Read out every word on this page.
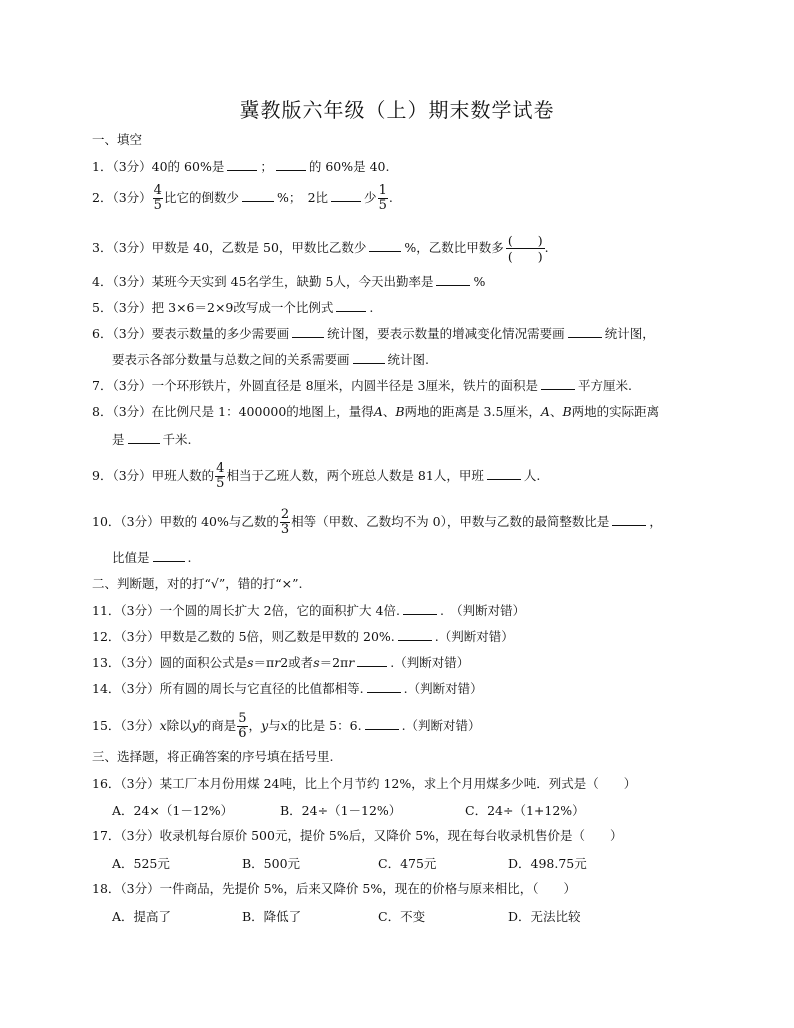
冀教版六年级（上）期末数学试卷
一、填空
1．（3分）40的 60%是	；	的 60%是 40.
2．（3分） $\frac{4}{5}$ 比它的倒数少	%；　2比	少 $\frac{1}{5}$ .
3．（3分）甲数是 40，乙数是 50，甲数比乙数少	%，乙数比甲数多 $\frac{( )}{( )}$ .
4．（3分）某班今天实到 45名学生，缺勤 5人，今天出勤率是	%
5．（3分）把 3×6＝2×9改写成一个比例式	.
6．（3分）要表示数量的多少需要画	统计图，要表示数量的增减变化情况需要画	统计图，
要表示各部分数量与总数之间的关系需要画	统计图.
7．（3分）一个环形铁片，外圆直径是 8厘米，内圆半径是 3厘米，铁片的面积是	平方厘米.
8．（3分）在比例尺是 1：400000的地图上，量得A、B两地的距离是 3.5厘米，A、B两地的实际距离
是	千米.
9．（3分）甲班人数的 $\frac{4}{5}$ 相当于乙班人数，两个班总人数是 81人，甲班	人.
10．（3分）甲数的 40%与乙数的 $\frac{2}{3}$ 相等（甲数、乙数均不为 0），甲数与乙数的最简整数比是	，
比值是	.
二、判断题，对的打“√”，错的打“×”.
11．（3分）一个圆的周长扩大 2倍，它的面积扩大 4倍.	.　（判断对错）
12．（3分）甲数是乙数的 5倍，则乙数是甲数的 20%.	.（判断对错）
13．（3分）圆的面积公式是s＝πr2或者s＝2πr	.（判断对错）
14．（3分）所有圆的周长与它直径的比值都相等.	.（判断对错）
15．（3分）x除以y的商是 $\frac{5}{6}$ ，y与x的比是 5：6.	.（判断对错）
三、选择题，将正确答案的序号填在括号里.
16．（3分）某工厂本月份用煤 24吨，比上个月节约 12%，求上个月用煤多少吨．列式是（　　）
A．24×（1－12%）	B．24÷（1－12%）	C．24÷（1+12%）
17．（3分）收录机每台原价 500元，提价 5%后，又降价 5%，现在每台收录机售价是（　　）
A．525元	B．500元	C．475元	D．498.75元
18．（3分）一件商品，先提价 5%，后来又降价 5%，现在的价格与原来相比，（　　）
A．提高了	B．降低了	C．不变	D．无法比较
